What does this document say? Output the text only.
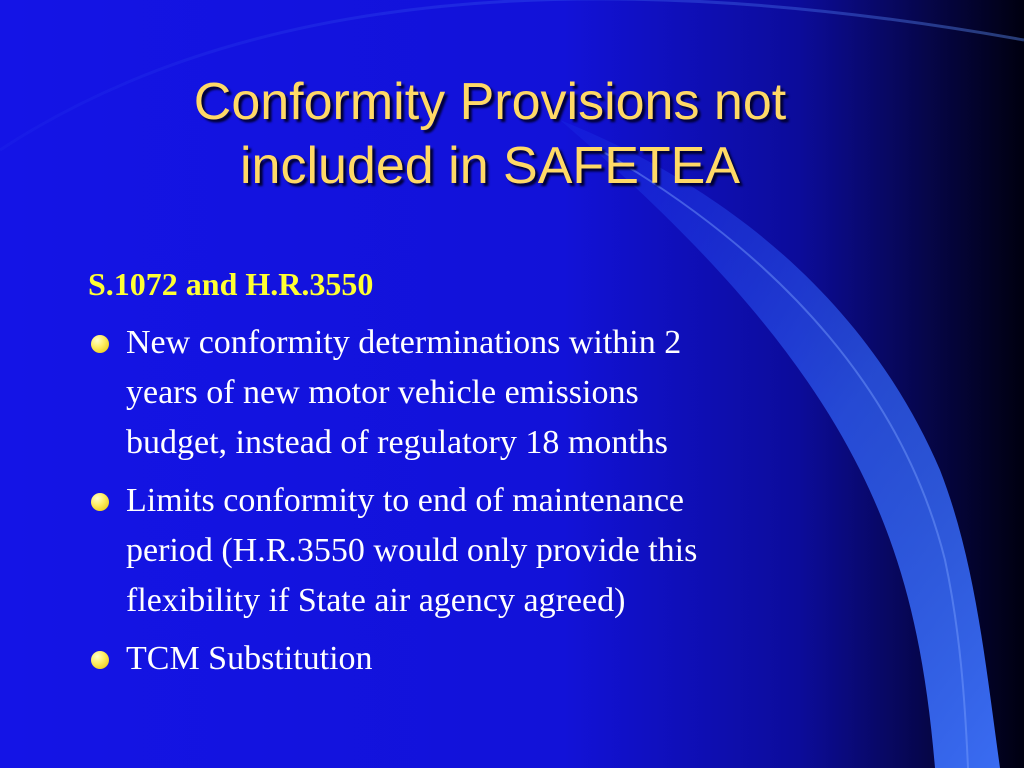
Conformity Provisions not
included in SAFETEA
S.1072 and H.R.3550
New conformity determinations within 2
years of new motor vehicle emissions
budget, instead of regulatory 18 months
Limits conformity to end of maintenance
period (H.R.3550 would only provide this
flexibility if State air agency agreed)
TCM Substitution
